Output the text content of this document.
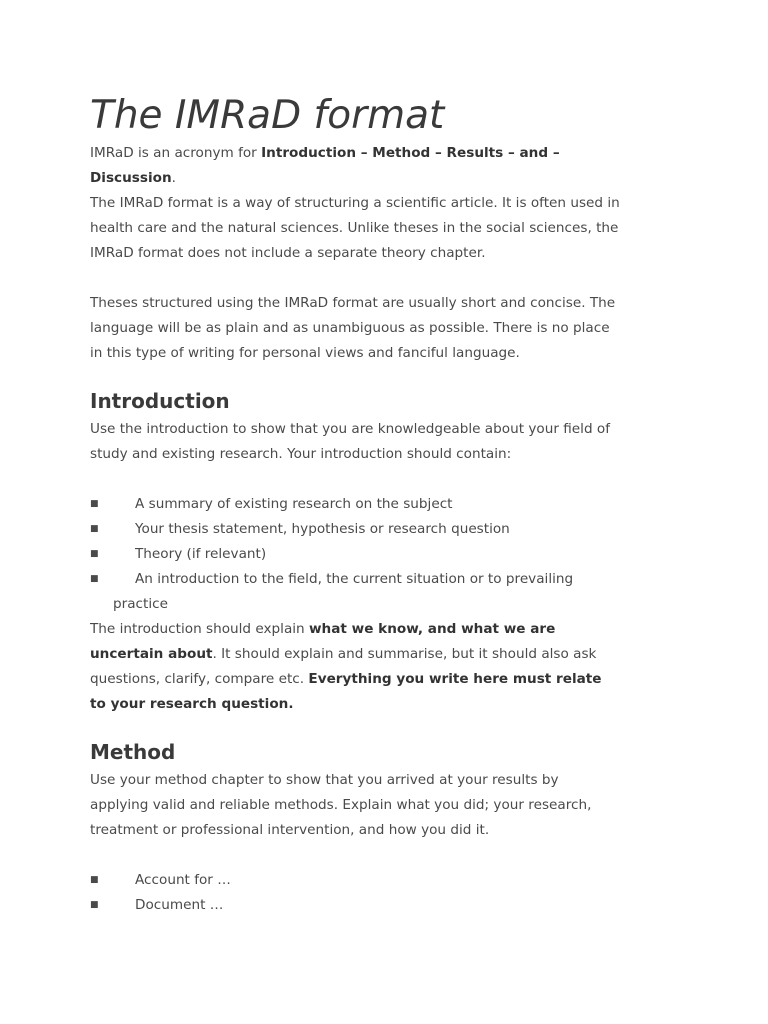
The IMRaD format
IMRaD is an acronym for Introduction – Method – Results – and –
Discussion.
The IMRaD format is a way of structuring a scientific article. It is often used in
health care and the natural sciences. Unlike theses in the social sciences, the
IMRaD format does not include a separate theory chapter.
Theses structured using the IMRaD format are usually short and concise. The
language will be as plain and as unambiguous as possible. There is no place
in this type of writing for personal views and fanciful language.
Introduction
Use the introduction to show that you are knowledgeable about your field of
study and existing research. Your introduction should contain:
■	A summary of existing research on the subject
■	Your thesis statement, hypothesis or research question
■	Theory (if relevant)
■	An introduction to the field, the current situation or to prevailing
practice
The introduction should explain what we know, and what we are
uncertain about. It should explain and summarise, but it should also ask
questions, clarify, compare etc. Everything you write here must relate
to your research question.
Method
Use your method chapter to show that you arrived at your results by
applying valid and reliable methods. Explain what you did; your research,
treatment or professional intervention, and how you did it.
■	Account for …
■	Document …
